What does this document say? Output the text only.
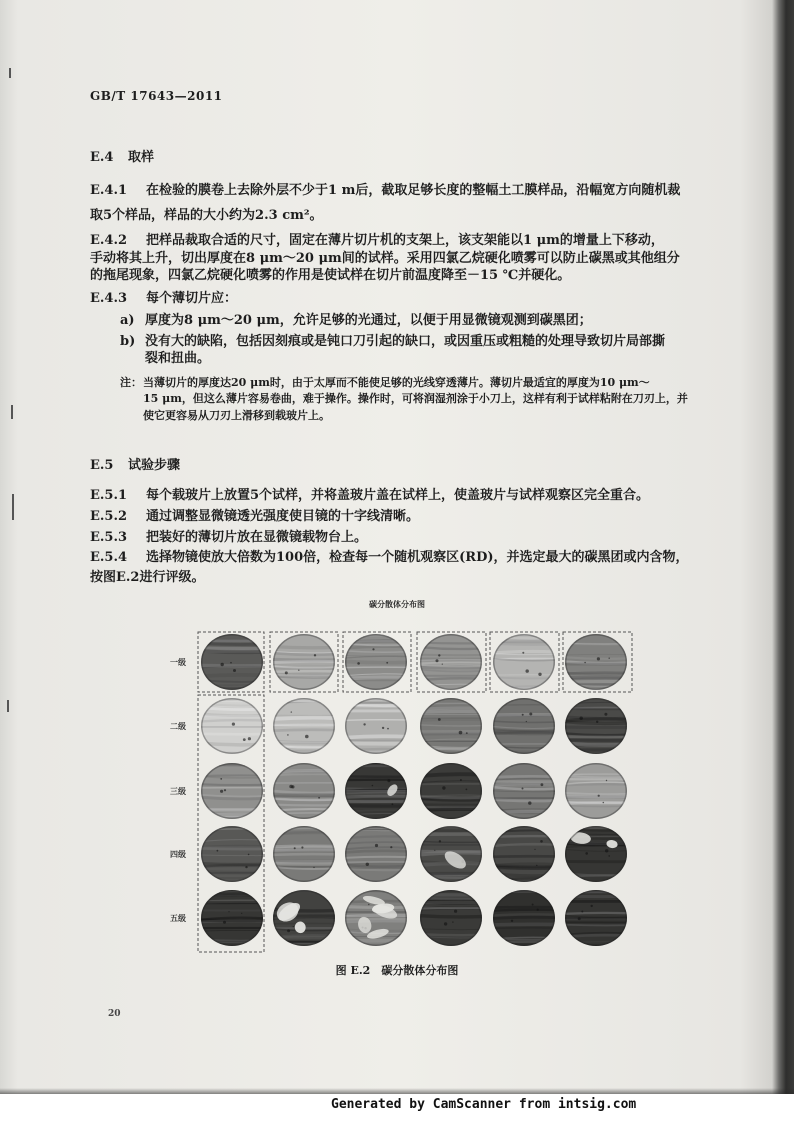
GB/T 17643—2011
E.4 取样
E.4.1 在检验的膜卷上去除外层不少于1 m后，截取足够长度的整幅土工膜样品，沿幅宽方向随机裁
取5个样品，样品的大小约为2.3 cm²。
E.4.2 把样品裁取合适的尺寸，固定在薄片切片机的支架上，该支架能以1 μm的增量上下移动，
手动将其上升，切出厚度在8 μm～20 μm间的试样。采用四氯乙烷硬化喷雾可以防止碳黑或其他组分
的拖尾现象，四氯乙烷硬化喷雾的作用是使试样在切片前温度降至－15 ℃并硬化。
E.4.3 每个薄切片应：
a) 厚度为8 μm～20 μm，允许足够的光通过，以便于用显微镜观测到碳黑团；
b) 没有大的缺陷，包括因刻痕或是钝口刀引起的缺口，或因重压或粗糙的处理导致切片局部撕
裂和扭曲。
注：当薄切片的厚度达20 μm时，由于太厚而不能使足够的光线穿透薄片。薄切片最适宜的厚度为10 μm～
15 μm，但这么薄片容易卷曲，难于操作。操作时，可将润湿剂涂于小刀上，这样有利于试样粘附在刀刃上，并
使它更容易从刀刃上滑移到载玻片上。
E.5 试验步骤
E.5.1 每个载玻片上放置5个试样，并将盖玻片盖在试样上，使盖玻片与试样观察区完全重合。
E.5.2 通过调整显微镜透光强度使目镜的十字线清晰。
E.5.3 把装好的薄切片放在显微镜载物台上。
E.5.4 选择物镜使放大倍数为100倍，检查每一个随机观察区(RD)，并选定最大的碳黑团或内含物，
按图E.2进行评级。
碳分散体分布图
一级
二级
三级
四级
五级
图 E.2　碳分散体分布图
20
Generated by CamScanner from intsig.com
